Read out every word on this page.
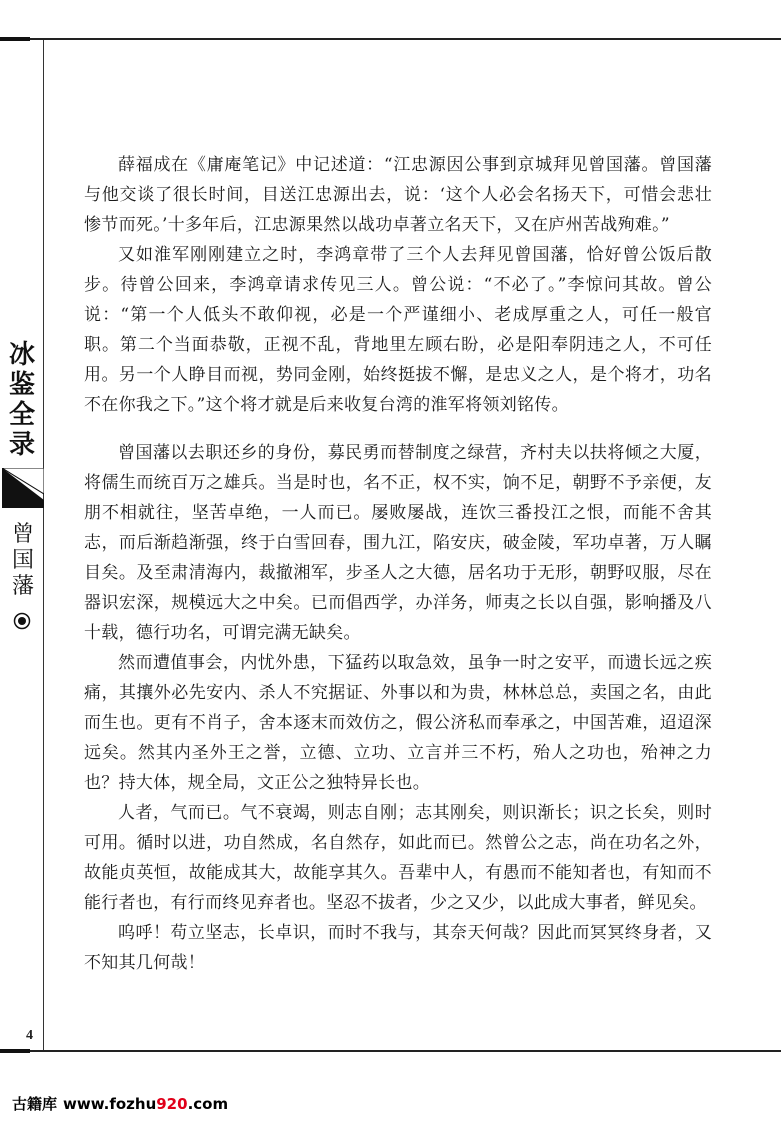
冰
鉴
全
录
曾
国
藩

薛福成在《庸庵笔记》中记述道：“江忠源因公事到京城拜见曾国藩。曾国藩与他交谈了很长时间，目送江忠源出去，说：‘这个人必会名扬天下，可惜会悲壮惨节而死。’十多年后，江忠源果然以战功卓著立名天下，又在庐州苦战殉难。”

又如淮军刚刚建立之时，李鸿章带了三个人去拜见曾国藩，恰好曾公饭后散步。待曾公回来，李鸿章请求传见三人。曾公说：“不必了。”李惊问其故。曾公说：“第一个人低头不敢仰视，必是一个严谨细小、老成厚重之人，可任一般官职。第二个当面恭敬，正视不乱，背地里左顾右盼，必是阳奉阴违之人，不可任用。另一个人睁目而视，势同金刚，始终挺拔不懈，是忠义之人，是个将才，功名不在你我之下。”这个将才就是后来收复台湾的淮军将领刘铭传。

曾国藩以去职还乡的身份，募民勇而替制度之绿营，齐村夫以扶将倾之大厦，将儒生而统百万之雄兵。当是时也，名不正，权不实，饷不足，朝野不予亲便，友朋不相就往，坚苦卓绝，一人而已。屡败屡战，连饮三番投江之恨，而能不舍其志，而后渐趋渐强，终于白雪回春，围九江，陷安庆，破金陵，军功卓著，万人瞩目矣。及至肃清海内，裁撤湘军，步圣人之大德，居名功于无形，朝野叹服，尽在器识宏深，规模远大之中矣。已而倡西学，办洋务，师夷之长以自强，影响播及八十载，德行功名，可谓完满无缺矣。

然而遭值事会，内忧外患，下猛药以取急效，虽争一时之安平，而遗长远之疾痛，其攘外必先安内、杀人不究据证、外事以和为贵，林林总总，卖国之名，由此而生也。更有不肖子，舍本逐末而效仿之，假公济私而奉承之，中国苦难，迢迢深远矣。然其内圣外王之誉，立德、立功、立言并三不朽，殆人之功也，殆神之力也？持大体，规全局，文正公之独特异长也。

人者，气而已。气不衰竭，则志自刚；志其刚矣，则识渐长；识之长矣，则时可用。循时以进，功自然成，名自然存，如此而已。然曾公之志，尚在功名之外，故能贞英恒，故能成其大，故能享其久。吾辈中人，有愚而不能知者也，有知而不能行者也，有行而终见弃者也。坚忍不拔者，少之又少，以此成大事者，鲜见矣。

呜呼！苟立坚志，长卓识，而时不我与，其奈天何哉？因此而冥冥终身者，又不知其几何哉！

4
古籍库 www.fozhu920.com
